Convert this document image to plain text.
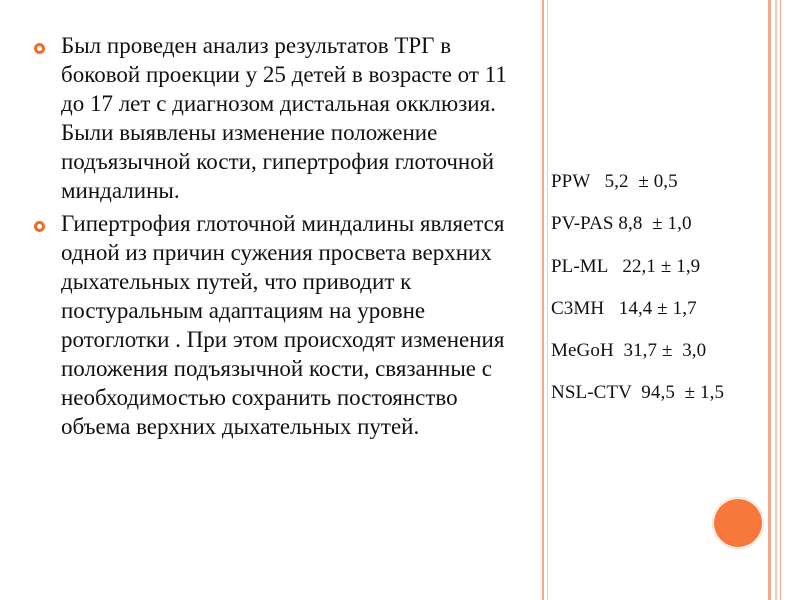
Был проведен анализ результатов ТРГ в боковой проекции у 25 детей в возрасте от 11 до 17 лет с диагнозом дистальная окклюзия. Были выявлены изменение положение подъязычной кости, гипертрофия глоточной миндалины.
Гипертрофия глоточной миндалины является одной из причин сужения просвета верхних дыхательных путей, что приводит к постуральным адаптациям на уровне ротоглотки . При этом происходят изменения положения подъязычной кости, связанные с необходимостью сохранить постоянство объема верхних дыхательных путей.
PPW   5,2  ± 0,5
PV-PAS 8,8  ± 1,0
PL-ML   22,1 ± 1,9
C3MH   14,4 ± 1,7
MeGoH  31,7 ±  3,0
NSL-CTV  94,5  ± 1,5
